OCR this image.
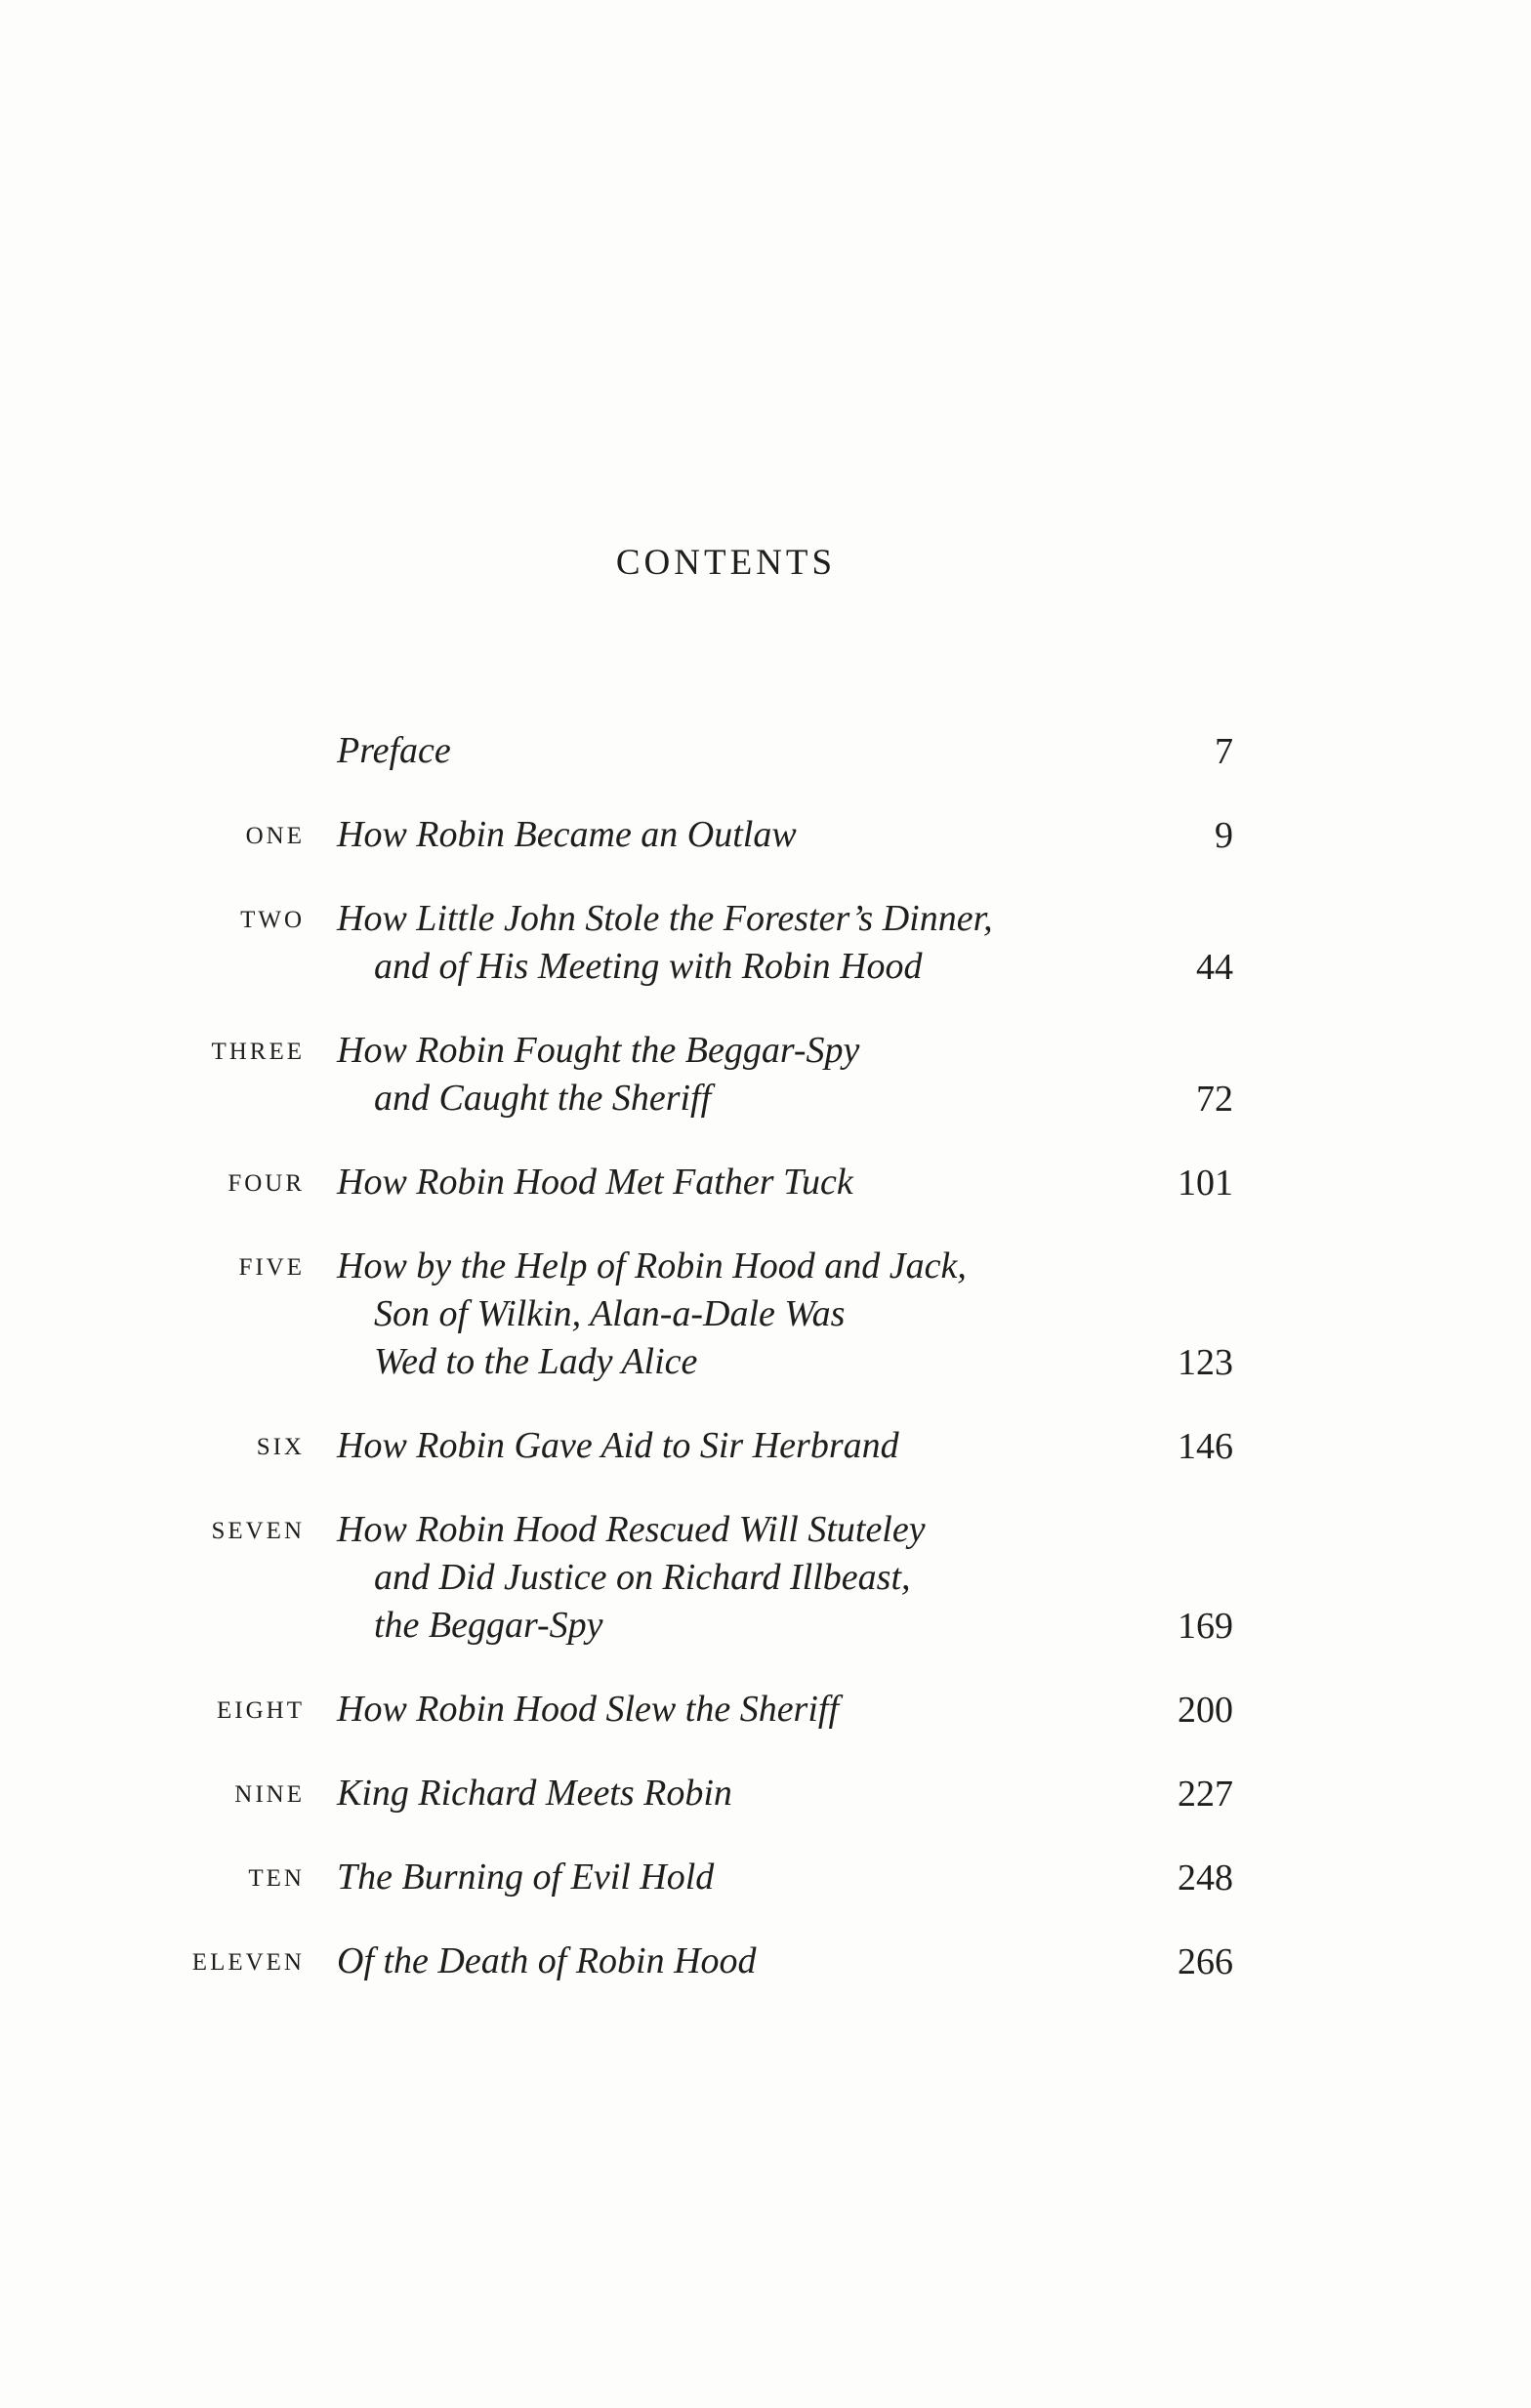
CONTENTS
Preface	7
ONE How Robin Became an Outlaw	9
TWO How Little John Stole the Forester’s Dinner,
and of His Meeting with Robin Hood	44
THREE How Robin Fought the Beggar-Spy
and Caught the Sheriff	72
FOUR How Robin Hood Met Father Tuck	101
FIVE How by the Help of Robin Hood and Jack,
Son of Wilkin, Alan-a-Dale Was
Wed to the Lady Alice	123
SIX How Robin Gave Aid to Sir Herbrand	146
SEVEN How Robin Hood Rescued Will Stuteley
and Did Justice on Richard Illbeast,
the Beggar-Spy	169
EIGHT How Robin Hood Slew the Sheriff	200
NINE King Richard Meets Robin	227
TEN The Burning of Evil Hold	248
ELEVEN Of the Death of Robin Hood	266
